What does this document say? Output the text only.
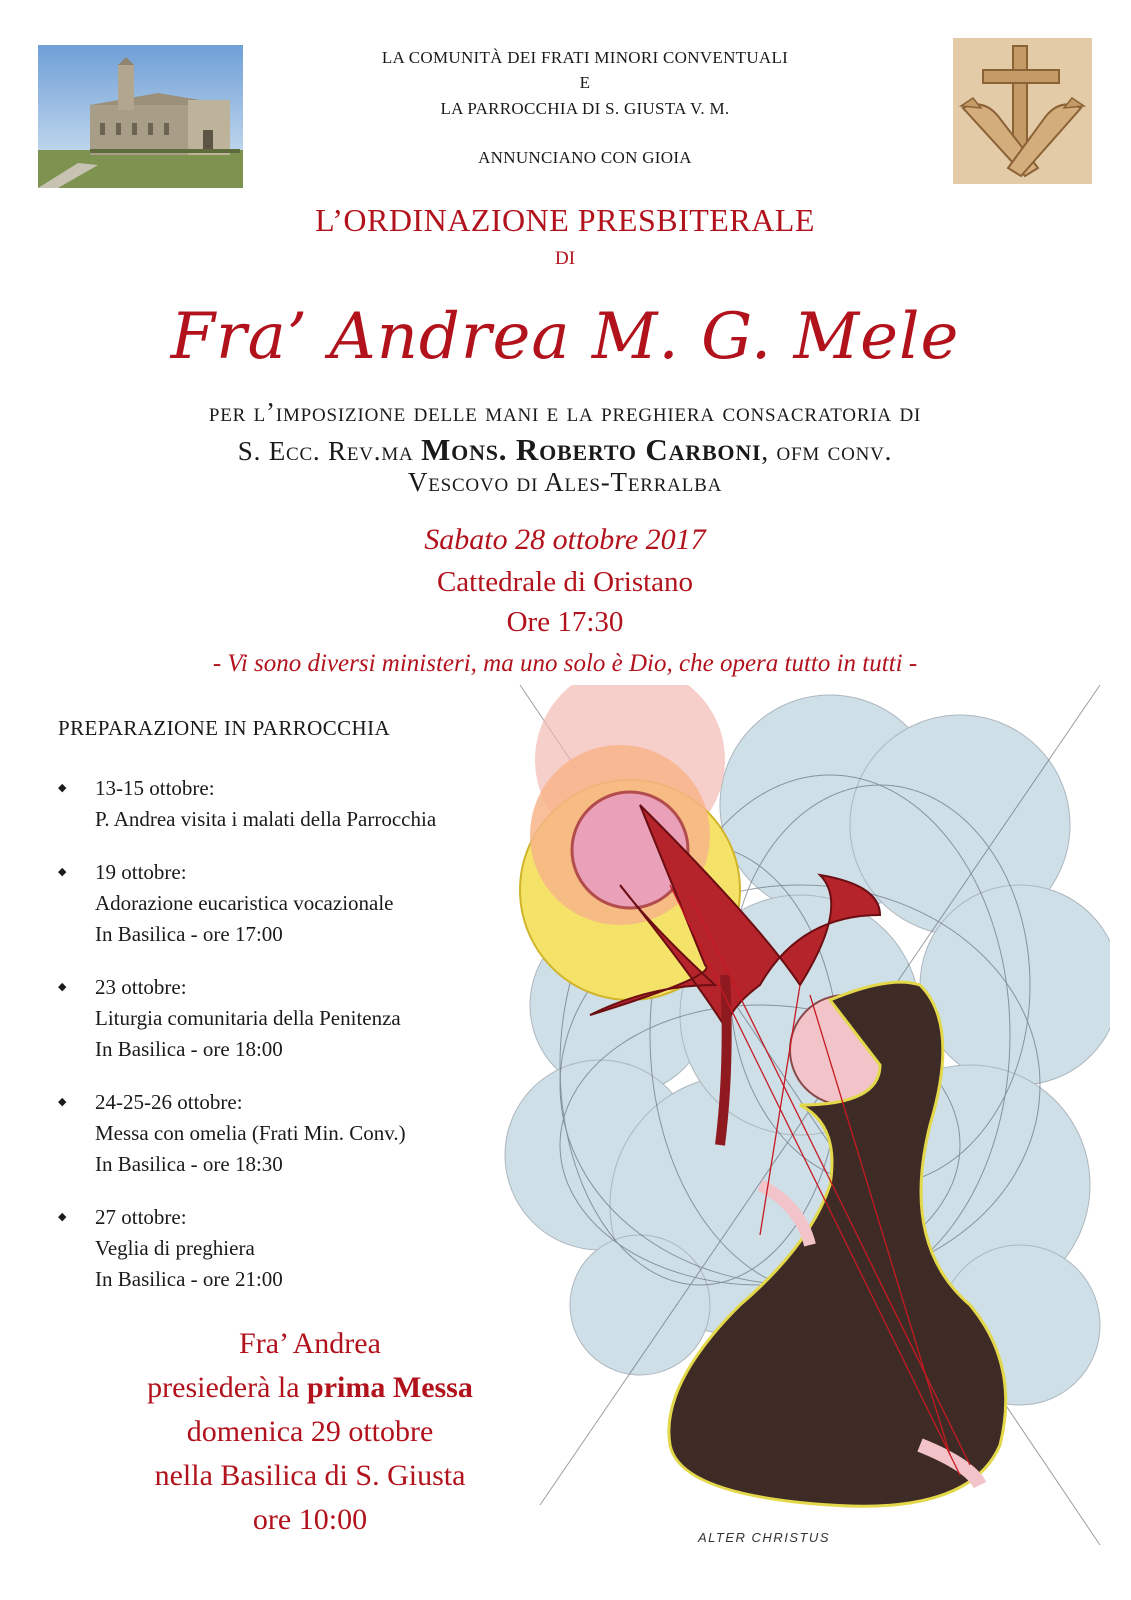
LA COMUNITÀ DEI FRATI MINORI CONVENTUALI
E
LA PARROCCHIA DI S. GIUSTA V. M.
ANNUNCIANO CON GIOIA
L’ORDINAZIONE PRESBITERALE
DI
Fra’ Andrea M. G. Mele
per l’imposizione delle mani e la preghiera consacratoria di
S. Ecc. Rev.ma Mons. Roberto Carboni, ofm conv.
Vescovo di Ales-Terralba
Sabato 28 ottobre 2017
Cattedrale di Oristano
Ore 17:30
- Vi sono diversi ministeri, ma uno solo è Dio, che opera tutto in tutti -
PREPARAZIONE IN PARROCCHIA
◆ 13-15 ottobre:
P. Andrea visita i malati della Parrocchia
◆ 19 ottobre:
Adorazione eucaristica vocazionale
In Basilica - ore 17:00
◆ 23 ottobre:
Liturgia comunitaria della Penitenza
In Basilica - ore 18:00
◆ 24-25-26 ottobre:
Messa con omelia (Frati Min. Conv.)
In Basilica - ore 18:30
◆ 27 ottobre:
Veglia di preghiera
In Basilica - ore 21:00
Fra’ Andrea
presiederà la prima Messa
domenica 29 ottobre
nella Basilica di S. Giusta
ore 10:00
ALTER CHRISTUS
